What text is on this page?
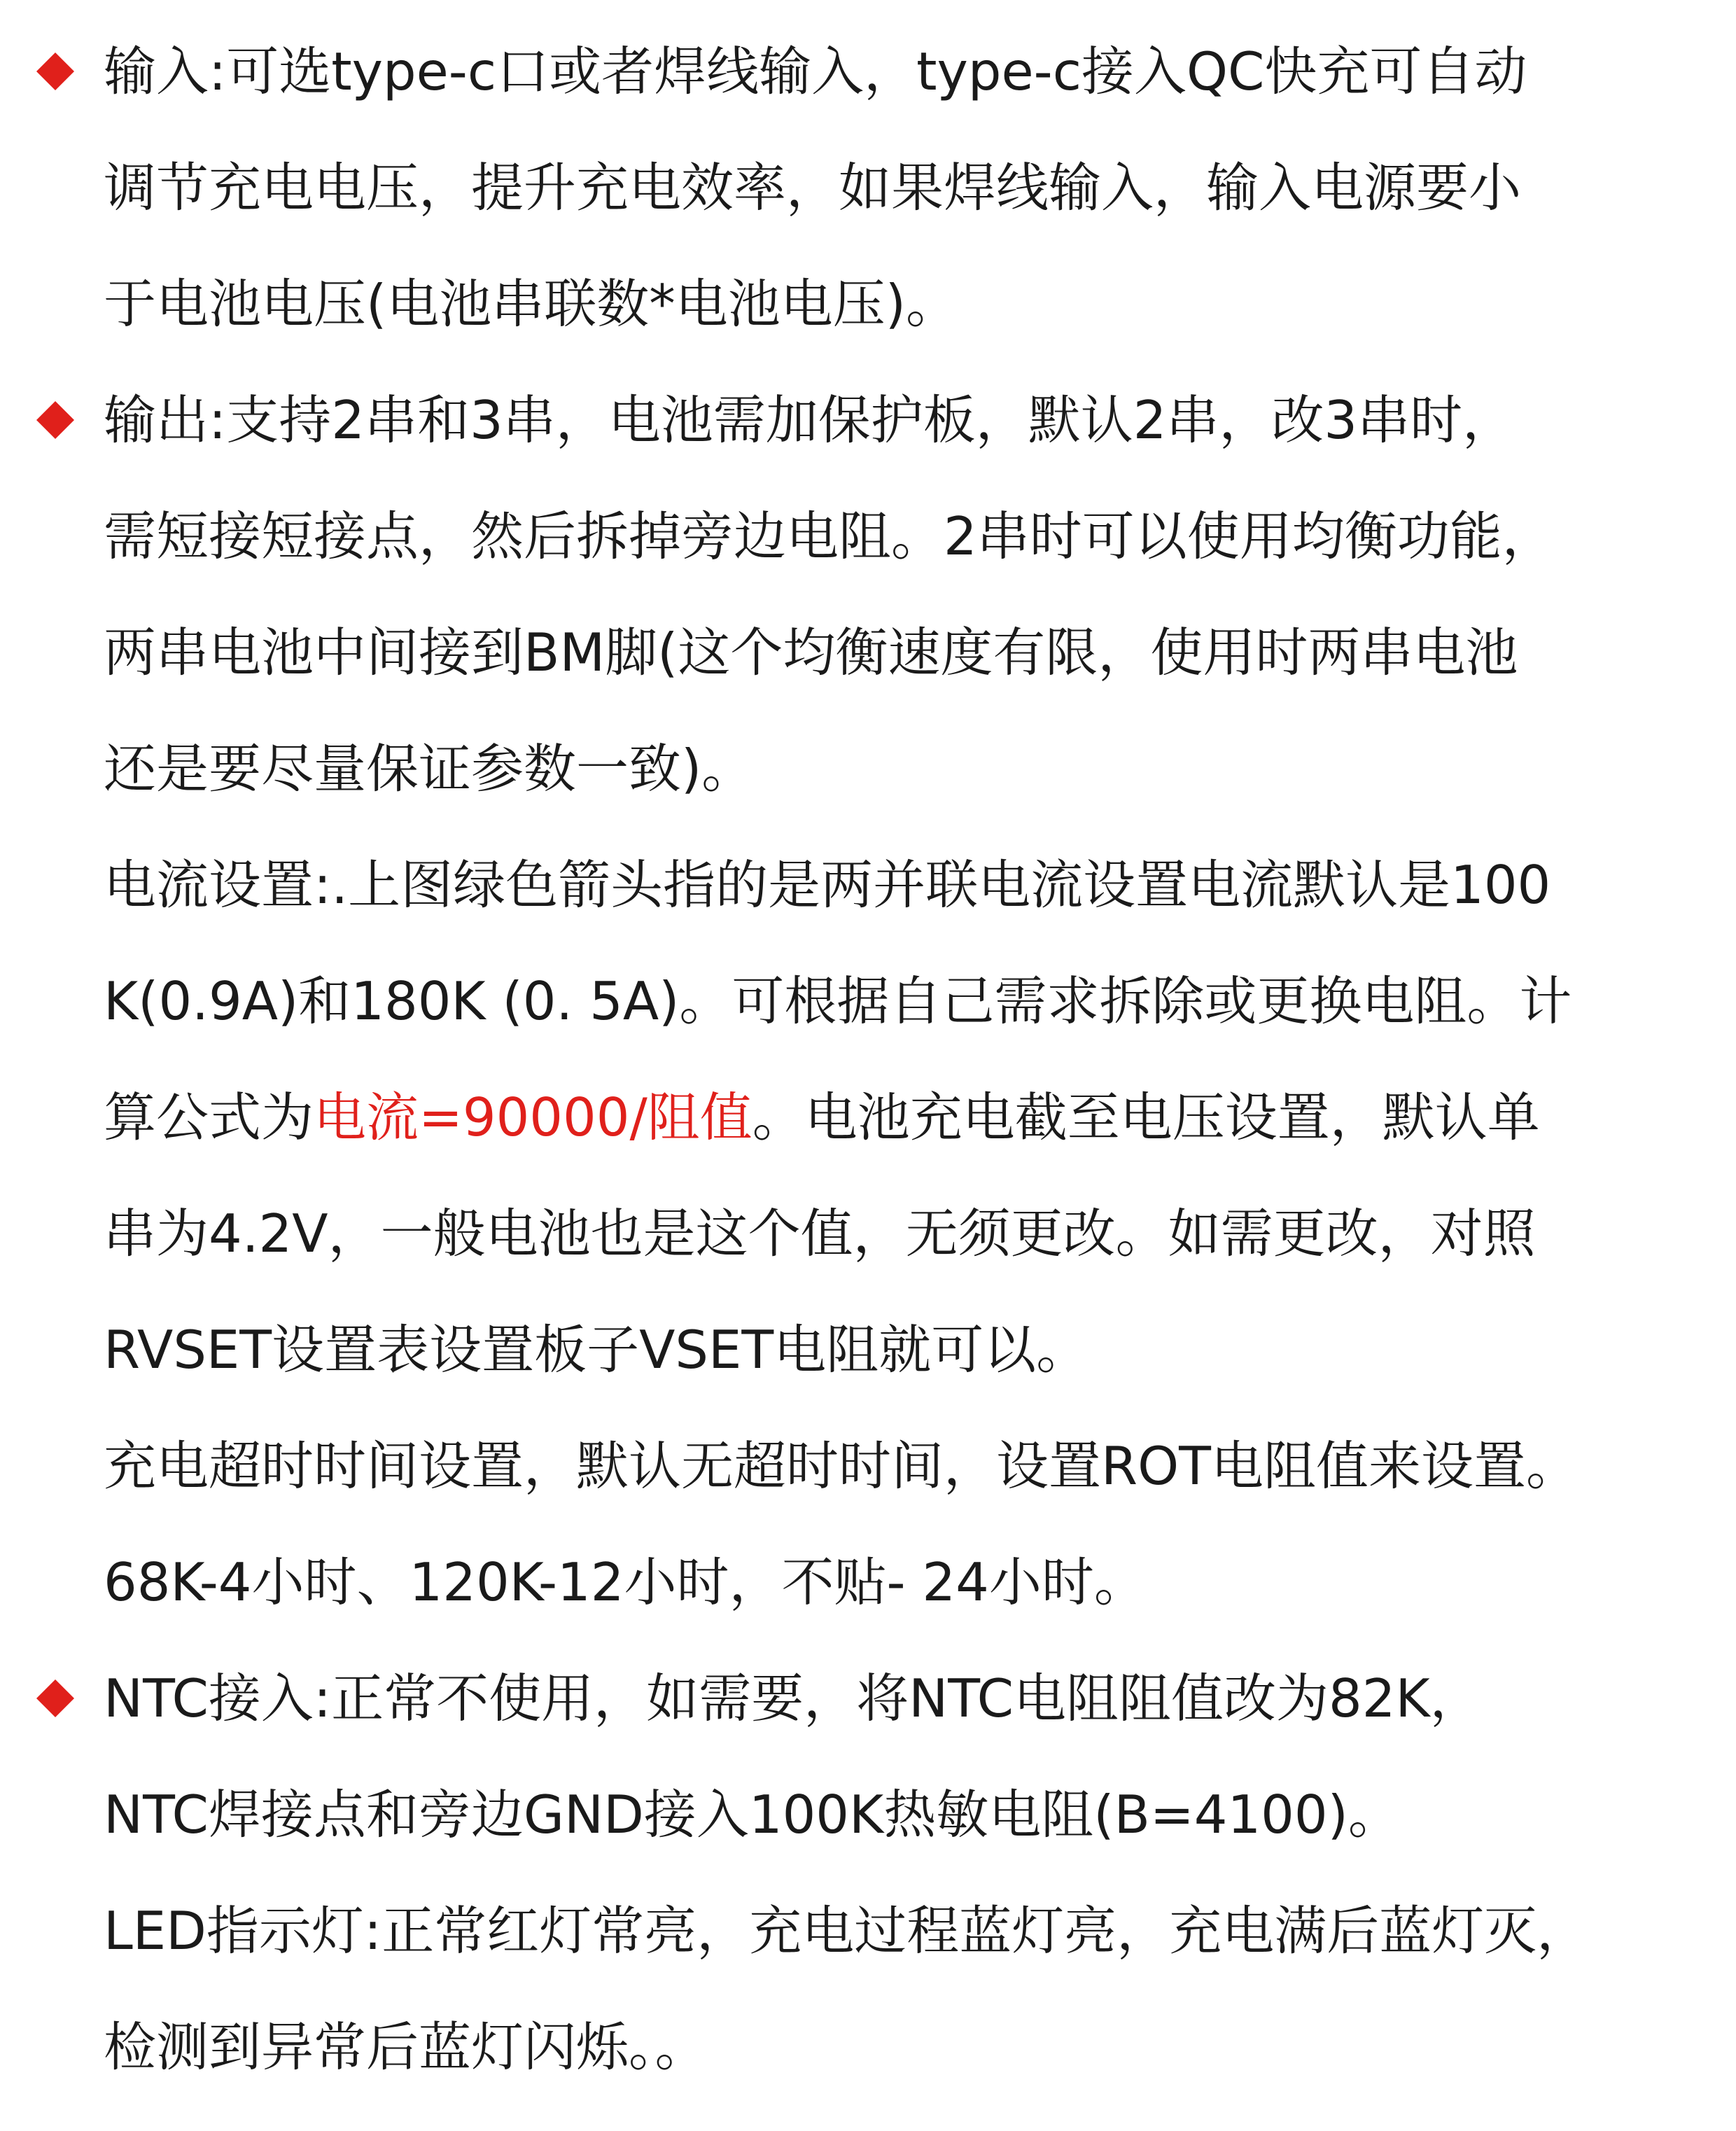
输入:可选type-c口或者焊线输入，type-c接入QC快充可自动
调节充电电压，提升充电效率，如果焊线输入，输入电源要小
于电池电压(电池串联数*电池电压)。
输出:支持2串和3串，电池需加保护板，默认2串，改3串时，
需短接短接点，然后拆掉旁边电阻。2串时可以使用均衡功能，
两串电池中间接到BM脚(这个均衡速度有限，使用时两串电池
还是要尽量保证参数一致)。
电流设置:.上图绿色箭头指的是两并联电流设置电流默认是100
K(0.9A)和180K (0. 5A)。可根据自己需求拆除或更换电阻。计
算公式为电流=90000/阻值。电池充电截至电压设置，默认单
串为4.2V，一般电池也是这个值，无须更改。如需更改，对照
RVSET设置表设置板子VSET电阻就可以。
充电超时时间设置，默认无超时时间，设置ROT电阻值来设置。
68K-4小时、120K-12小时，不贴- 24小时。
NTC接入:正常不使用，如需要，将NTC电阻阻值改为82K，
NTC焊接点和旁边GND接入100K热敏电阻(B=4100)。
LED指示灯:正常红灯常亮，充电过程蓝灯亮，充电满后蓝灯灭，
检测到异常后蓝灯闪烁。。
